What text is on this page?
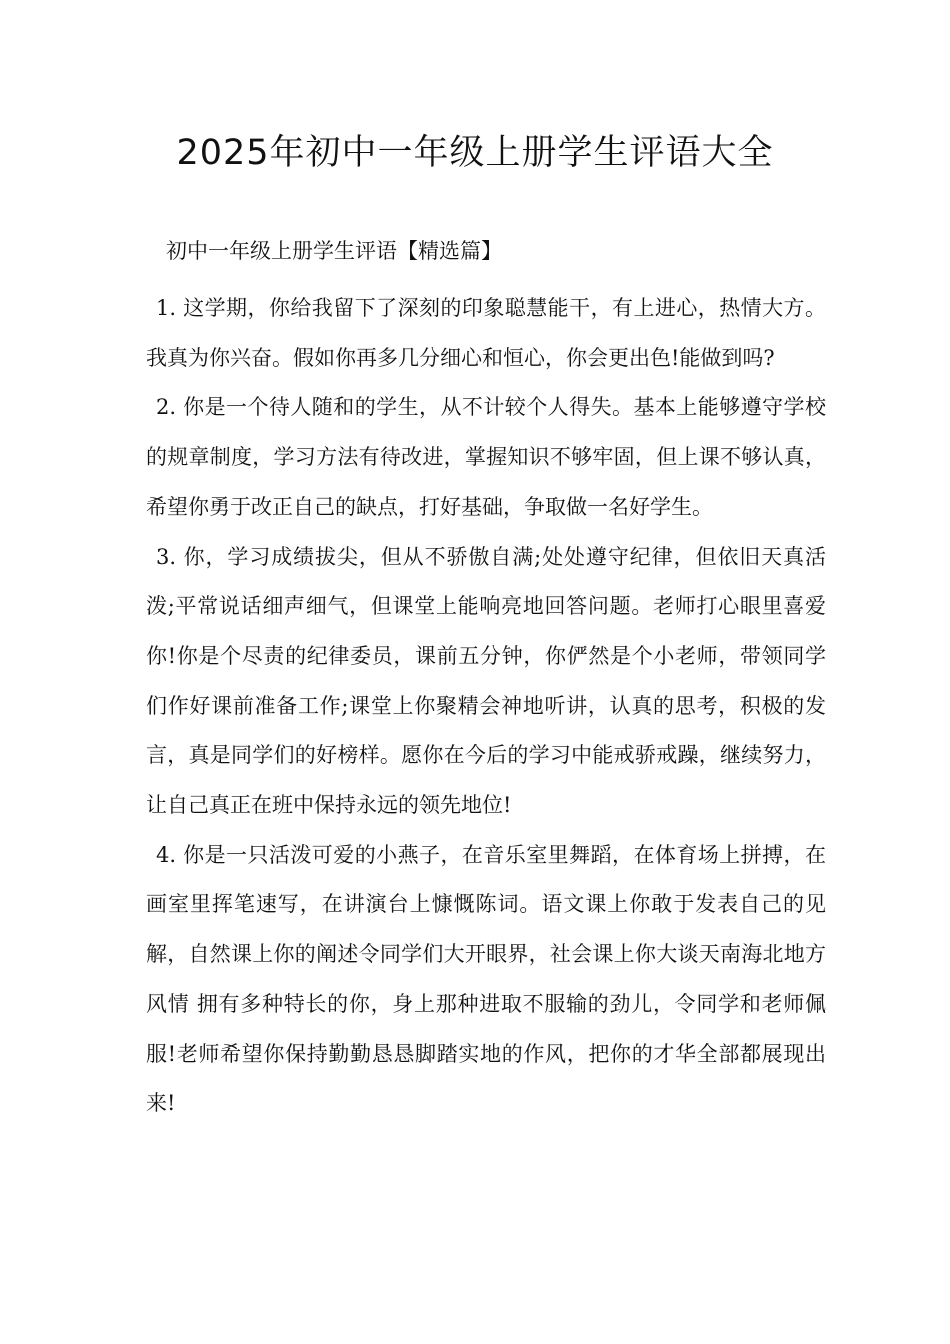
2025年初中一年级上册学生评语大全
初中一年级上册学生评语【精选篇】

1. 这学期，你给我留下了深刻的印象聪慧能干，有上进心，热情大方。我真为你兴奋。假如你再多几分细心和恒心，你会更出色!能做到吗?

2. 你是一个待人随和的学生，从不计较个人得失。基本上能够遵守学校的规章制度，学习方法有待改进，掌握知识不够牢固，但上课不够认真，希望你勇于改正自己的缺点，打好基础，争取做一名好学生。

3. 你，学习成绩拔尖，但从不骄傲自满;处处遵守纪律，但依旧天真活泼;平常说话细声细气，但课堂上能响亮地回答问题。老师打心眼里喜爱你!你是个尽责的纪律委员，课前五分钟，你俨然是个小老师，带领同学们作好课前准备工作;课堂上你聚精会神地听讲，认真的思考，积极的发言，真是同学们的好榜样。愿你在今后的学习中能戒骄戒躁，继续努力，让自己真正在班中保持永远的领先地位!

4. 你是一只活泼可爱的小燕子，在音乐室里舞蹈，在体育场上拼搏，在画室里挥笔速写，在讲演台上慷慨陈词。语文课上你敢于发表自己的见解，自然课上你的阐述令同学们大开眼界，社会课上你大谈天南海北地方风情 拥有多种特长的你，身上那种进取不服输的劲儿，令同学和老师佩服!老师希望你保持勤勤恳恳脚踏实地的作风，把你的才华全部都展现出来!
